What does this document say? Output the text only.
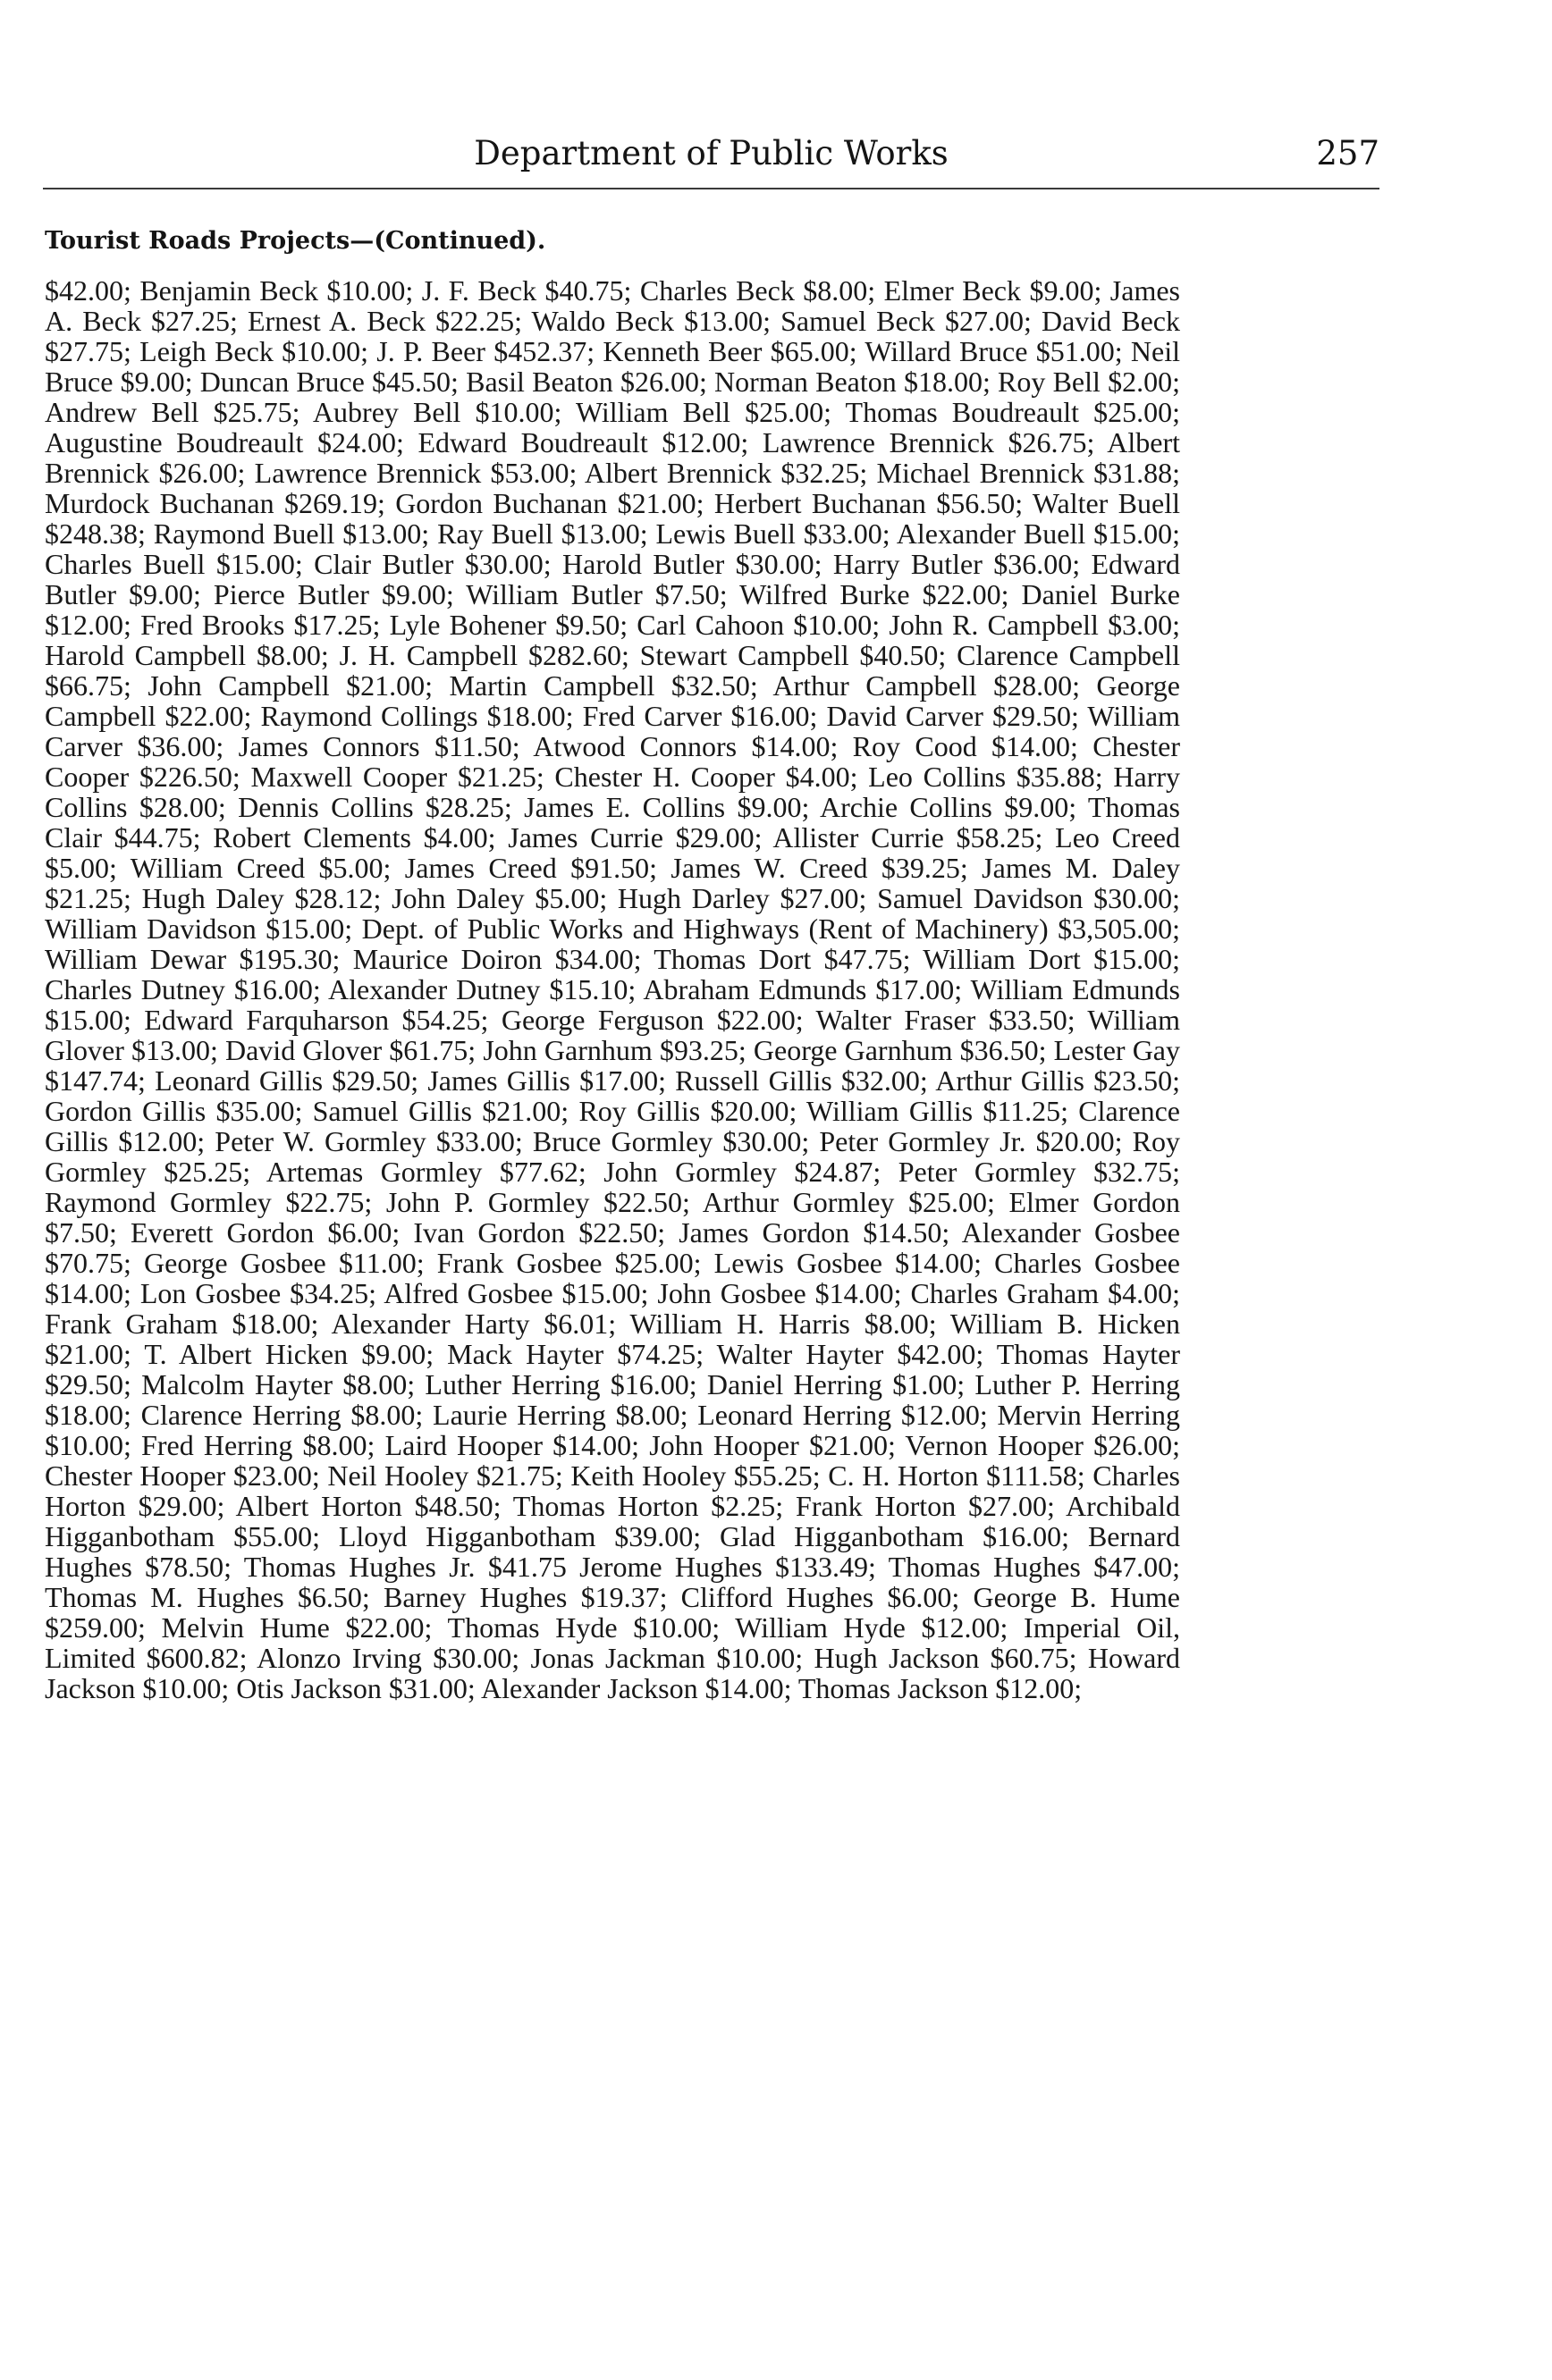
Department of Public Works	257
Tourist Roads Projects—(Continued).

$42.00; Benjamin Beck $10.00; J. F. Beck $40.75; Charles Beck $8.00; Elmer Beck $9.00; James A. Beck $27.25; Ernest A. Beck $22.25; Waldo Beck $13.00; Samuel Beck $27.00; David Beck $27.75; Leigh Beck $10.00; J. P. Beer $452.37; Kenneth Beer $65.00; Willard Bruce $51.00; Neil Bruce $9.00; Duncan Bruce $45.50; Basil Beaton $26.00; Norman Beaton $18.00; Roy Bell $2.00; Andrew Bell $25.75; Aubrey Bell $10.00; William Bell $25.00; Thomas Boudreault $25.00; Augustine Boudreault $24.00; Edward Boudreault $12.00; Lawrence Brennick $26.75; Albert Brennick $26.00; Lawrence Brennick $53.00; Albert Brennick $32.25; Michael Brennick $31.88; Murdock Buchanan $269.19; Gordon Buchanan $21.00; Herbert Buchanan $56.50; Walter Buell $248.38; Raymond Buell $13.00; Ray Buell $13.00; Lewis Buell $33.00; Alexander Buell $15.00; Charles Buell $15.00; Clair Butler $30.00; Harold Butler $30.00; Harry Butler $36.00; Edward Butler $9.00; Pierce Butler $9.00; William Butler $7.50; Wilfred Burke $22.00; Daniel Burke $12.00; Fred Brooks $17.25; Lyle Bohener $9.50; Carl Cahoon $10.00; John R. Campbell $3.00; Harold Campbell $8.00; J. H. Campbell $282.60; Stewart Campbell $40.50; Clarence Campbell $66.75; John Campbell $21.00; Martin Campbell $32.50; Arthur Campbell $28.00; George Campbell $22.00; Raymond Collings $18.00; Fred Carver $16.00; David Carver $29.50; William Carver $36.00; James Connors $11.50; Atwood Connors $14.00; Roy Cood $14.00; Chester Cooper $226.50; Maxwell Cooper $21.25; Chester H. Cooper $4.00; Leo Collins $35.88; Harry Collins $28.00; Dennis Collins $28.25; James E. Collins $9.00; Archie Collins $9.00; Thomas Clair $44.75; Robert Clements $4.00; James Currie $29.00; Allister Currie $58.25; Leo Creed $5.00; William Creed $5.00; James Creed $91.50; James W. Creed $39.25; James M. Daley $21.25; Hugh Daley $28.12; John Daley $5.00; Hugh Darley $27.00; Samuel Davidson $30.00; William Davidson $15.00; Dept. of Public Works and Highways (Rent of Machinery) $3,505.00; William Dewar $195.30; Maurice Doiron $34.00; Thomas Dort $47.75; William Dort $15.00; Charles Dutney $16.00; Alexander Dutney $15.10; Abraham Edmunds $17.00; William Edmunds $15.00; Edward Farquharson $54.25; George Ferguson $22.00; Walter Fraser $33.50; William Glover $13.00; David Glover $61.75; John Garnhum $93.25; George Garnhum $36.50; Lester Gay $147.74; Leonard Gillis $29.50; James Gillis $17.00; Russell Gillis $32.00; Arthur Gillis $23.50; Gordon Gillis $35.00; Samuel Gillis $21.00; Roy Gillis $20.00; William Gillis $11.25; Clarence Gillis $12.00; Peter W. Gormley $33.00; Bruce Gormley $30.00; Peter Gormley Jr. $20.00; Roy Gormley $25.25; Artemas Gormley $77.62; John Gormley $24.87; Peter Gormley $32.75; Raymond Gormley $22.75; John P. Gormley $22.50; Arthur Gormley $25.00; Elmer Gordon $7.50; Everett Gordon $6.00; Ivan Gordon $22.50; James Gordon $14.50; Alexander Gosbee $70.75; George Gosbee $11.00; Frank Gosbee $25.00; Lewis Gosbee $14.00; Charles Gosbee $14.00; Lon Gosbee $34.25; Alfred Gosbee $15.00; John Gosbee $14.00; Charles Graham $4.00; Frank Graham $18.00; Alexander Harty $6.01; William H. Harris $8.00; William B. Hicken $21.00; T. Albert Hicken $9.00; Mack Hayter $74.25; Walter Hayter $42.00; Thomas Hayter $29.50; Malcolm Hayter $8.00; Luther Herring $16.00; Daniel Herring $1.00; Luther P. Herring $18.00; Clarence Herring $8.00; Laurie Herring $8.00; Leonard Herring $12.00; Mervin Herring $10.00; Fred Herring $8.00; Laird Hooper $14.00; John Hooper $21.00; Vernon Hooper $26.00; Chester Hooper $23.00; Neil Hooley $21.75; Keith Hooley $55.25; C. H. Horton $111.58; Charles Horton $29.00; Albert Horton $48.50; Thomas Horton $2.25; Frank Horton $27.00; Archibald Higganbotham $55.00; Lloyd Higganbotham $39.00; Glad Higganbotham $16.00; Bernard Hughes $78.50; Thomas Hughes Jr. $41.75 Jerome Hughes $133.49; Thomas Hughes $47.00; Thomas M. Hughes $6.50; Barney Hughes $19.37; Clifford Hughes $6.00; George B. Hume $259.00; Melvin Hume $22.00; Thomas Hyde $10.00; William Hyde $12.00; Imperial Oil, Limited $600.82; Alonzo Irving $30.00; Jonas Jackman $10.00; Hugh Jackson $60.75; Howard Jackson $10.00; Otis Jackson $31.00; Alexander Jackson $14.00; Thomas Jackson $12.00;
